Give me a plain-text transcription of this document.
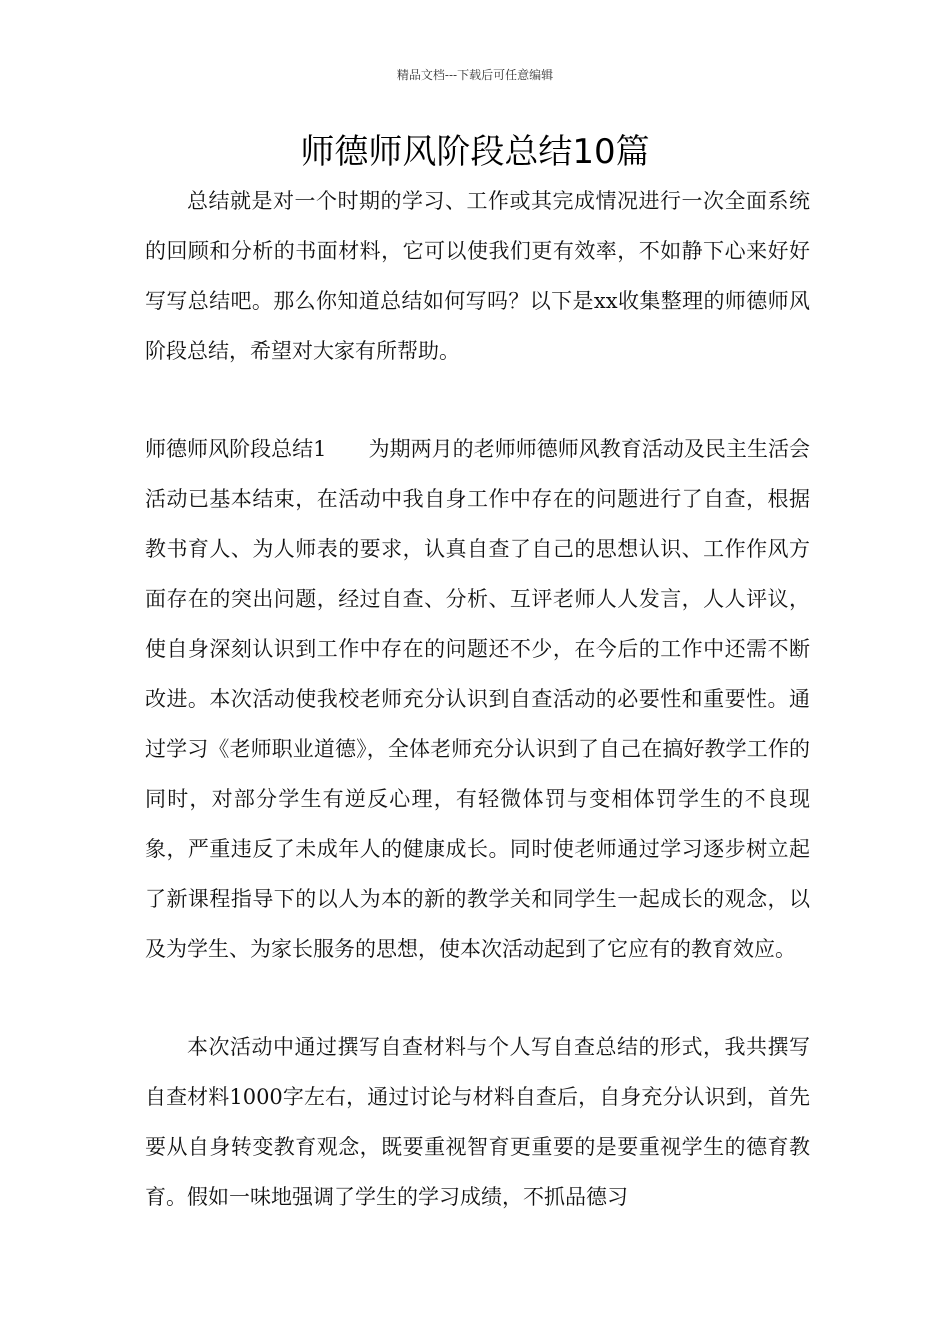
精品文档---下载后可任意编辑
师德师风阶段总结10篇

总结就是对一个时期的学习、工作或其完成情况进行一次全面系统的回顾和分析的书面材料，它可以使我们更有效率，不如静下心来好好写写总结吧。那么你知道总结如何写吗？以下是xx收集整理的师德师风阶段总结，希望对大家有所帮助。

师德师风阶段总结1 为期两月的老师师德师风教育活动及民主生活会活动已基本结束，在活动中我自身工作中存在的问题进行了自查，根据教书育人、为人师表的要求，认真自查了自己的思想认识、工作作风方面存在的突出问题，经过自查、分析、互评老师人人发言，人人评议，使自身深刻认识到工作中存在的问题还不少，在今后的工作中还需不断改进。本次活动使我校老师充分认识到自查活动的必要性和重要性。通过学习《老师职业道德》，全体老师充分认识到了自己在搞好教学工作的同时，对部分学生有逆反心理，有轻微体罚与变相体罚学生的不良现象，严重违反了未成年人的健康成长。同时使老师通过学习逐步树立起了新课程指导下的以人为本的新的教学关和同学生一起成长的观念，以及为学生、为家长服务的思想，使本次活动起到了它应有的教育效应。

本次活动中通过撰写自查材料与个人写自查总结的形式，我共撰写自查材料1000字左右，通过讨论与材料自查后，自身充分认识到，首先要从自身转变教育观念，既要重视智育更重要的是要重视学生的德育教育。假如一味地强调了学生的学习成绩，不抓品德习
